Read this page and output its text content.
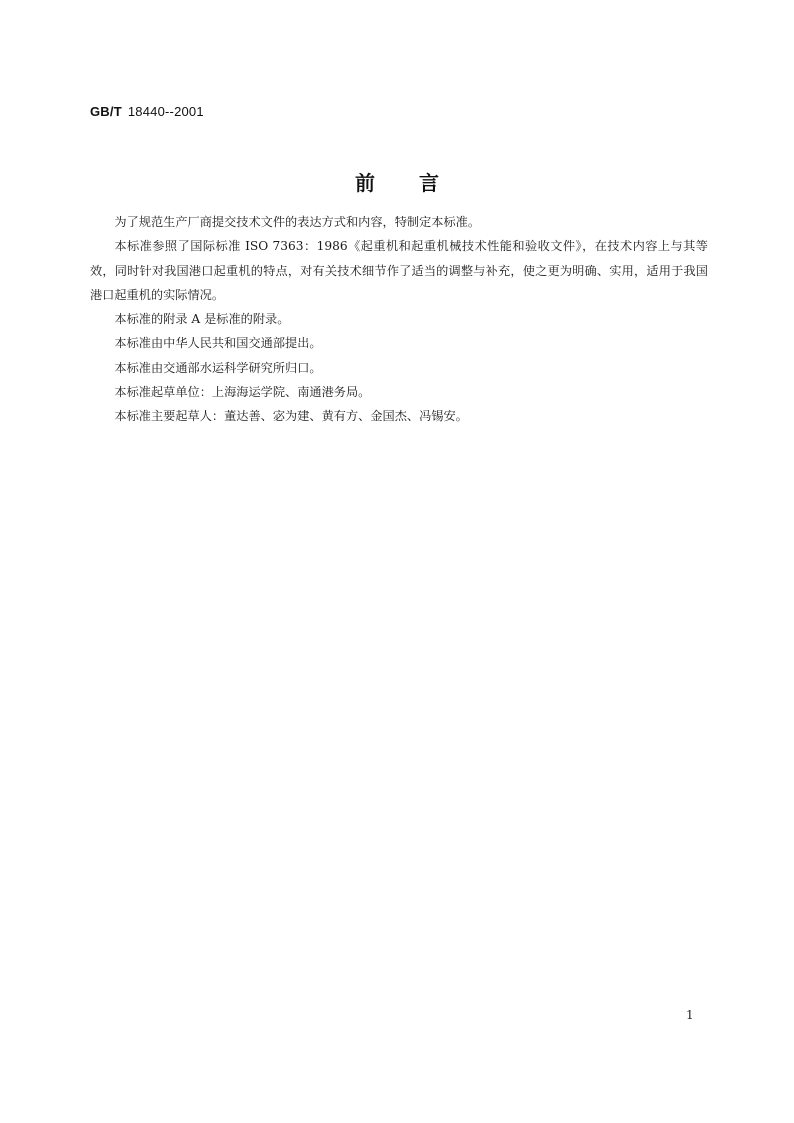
GB/T 18440--2001
前言

为了规范生产厂商提交技术文件的表达方式和内容，特制定本标准。

本标准参照了国际标准 ISO 7363：1986《起重机和起重机械技术性能和验收文件》，在技术内容上与其等效，同时针对我国港口起重机的特点，对有关技术细节作了适当的调整与补充，使之更为明确、实用，适用于我国港口起重机的实际情况。

本标准的附录 A 是标准的附录。

本标准由中华人民共和国交通部提出。

本标准由交通部水运科学研究所归口。

本标准起草单位：上海海运学院、南通港务局。

本标准主要起草人：董达善、宓为建、黄有方、金国杰、冯锡安。

1
